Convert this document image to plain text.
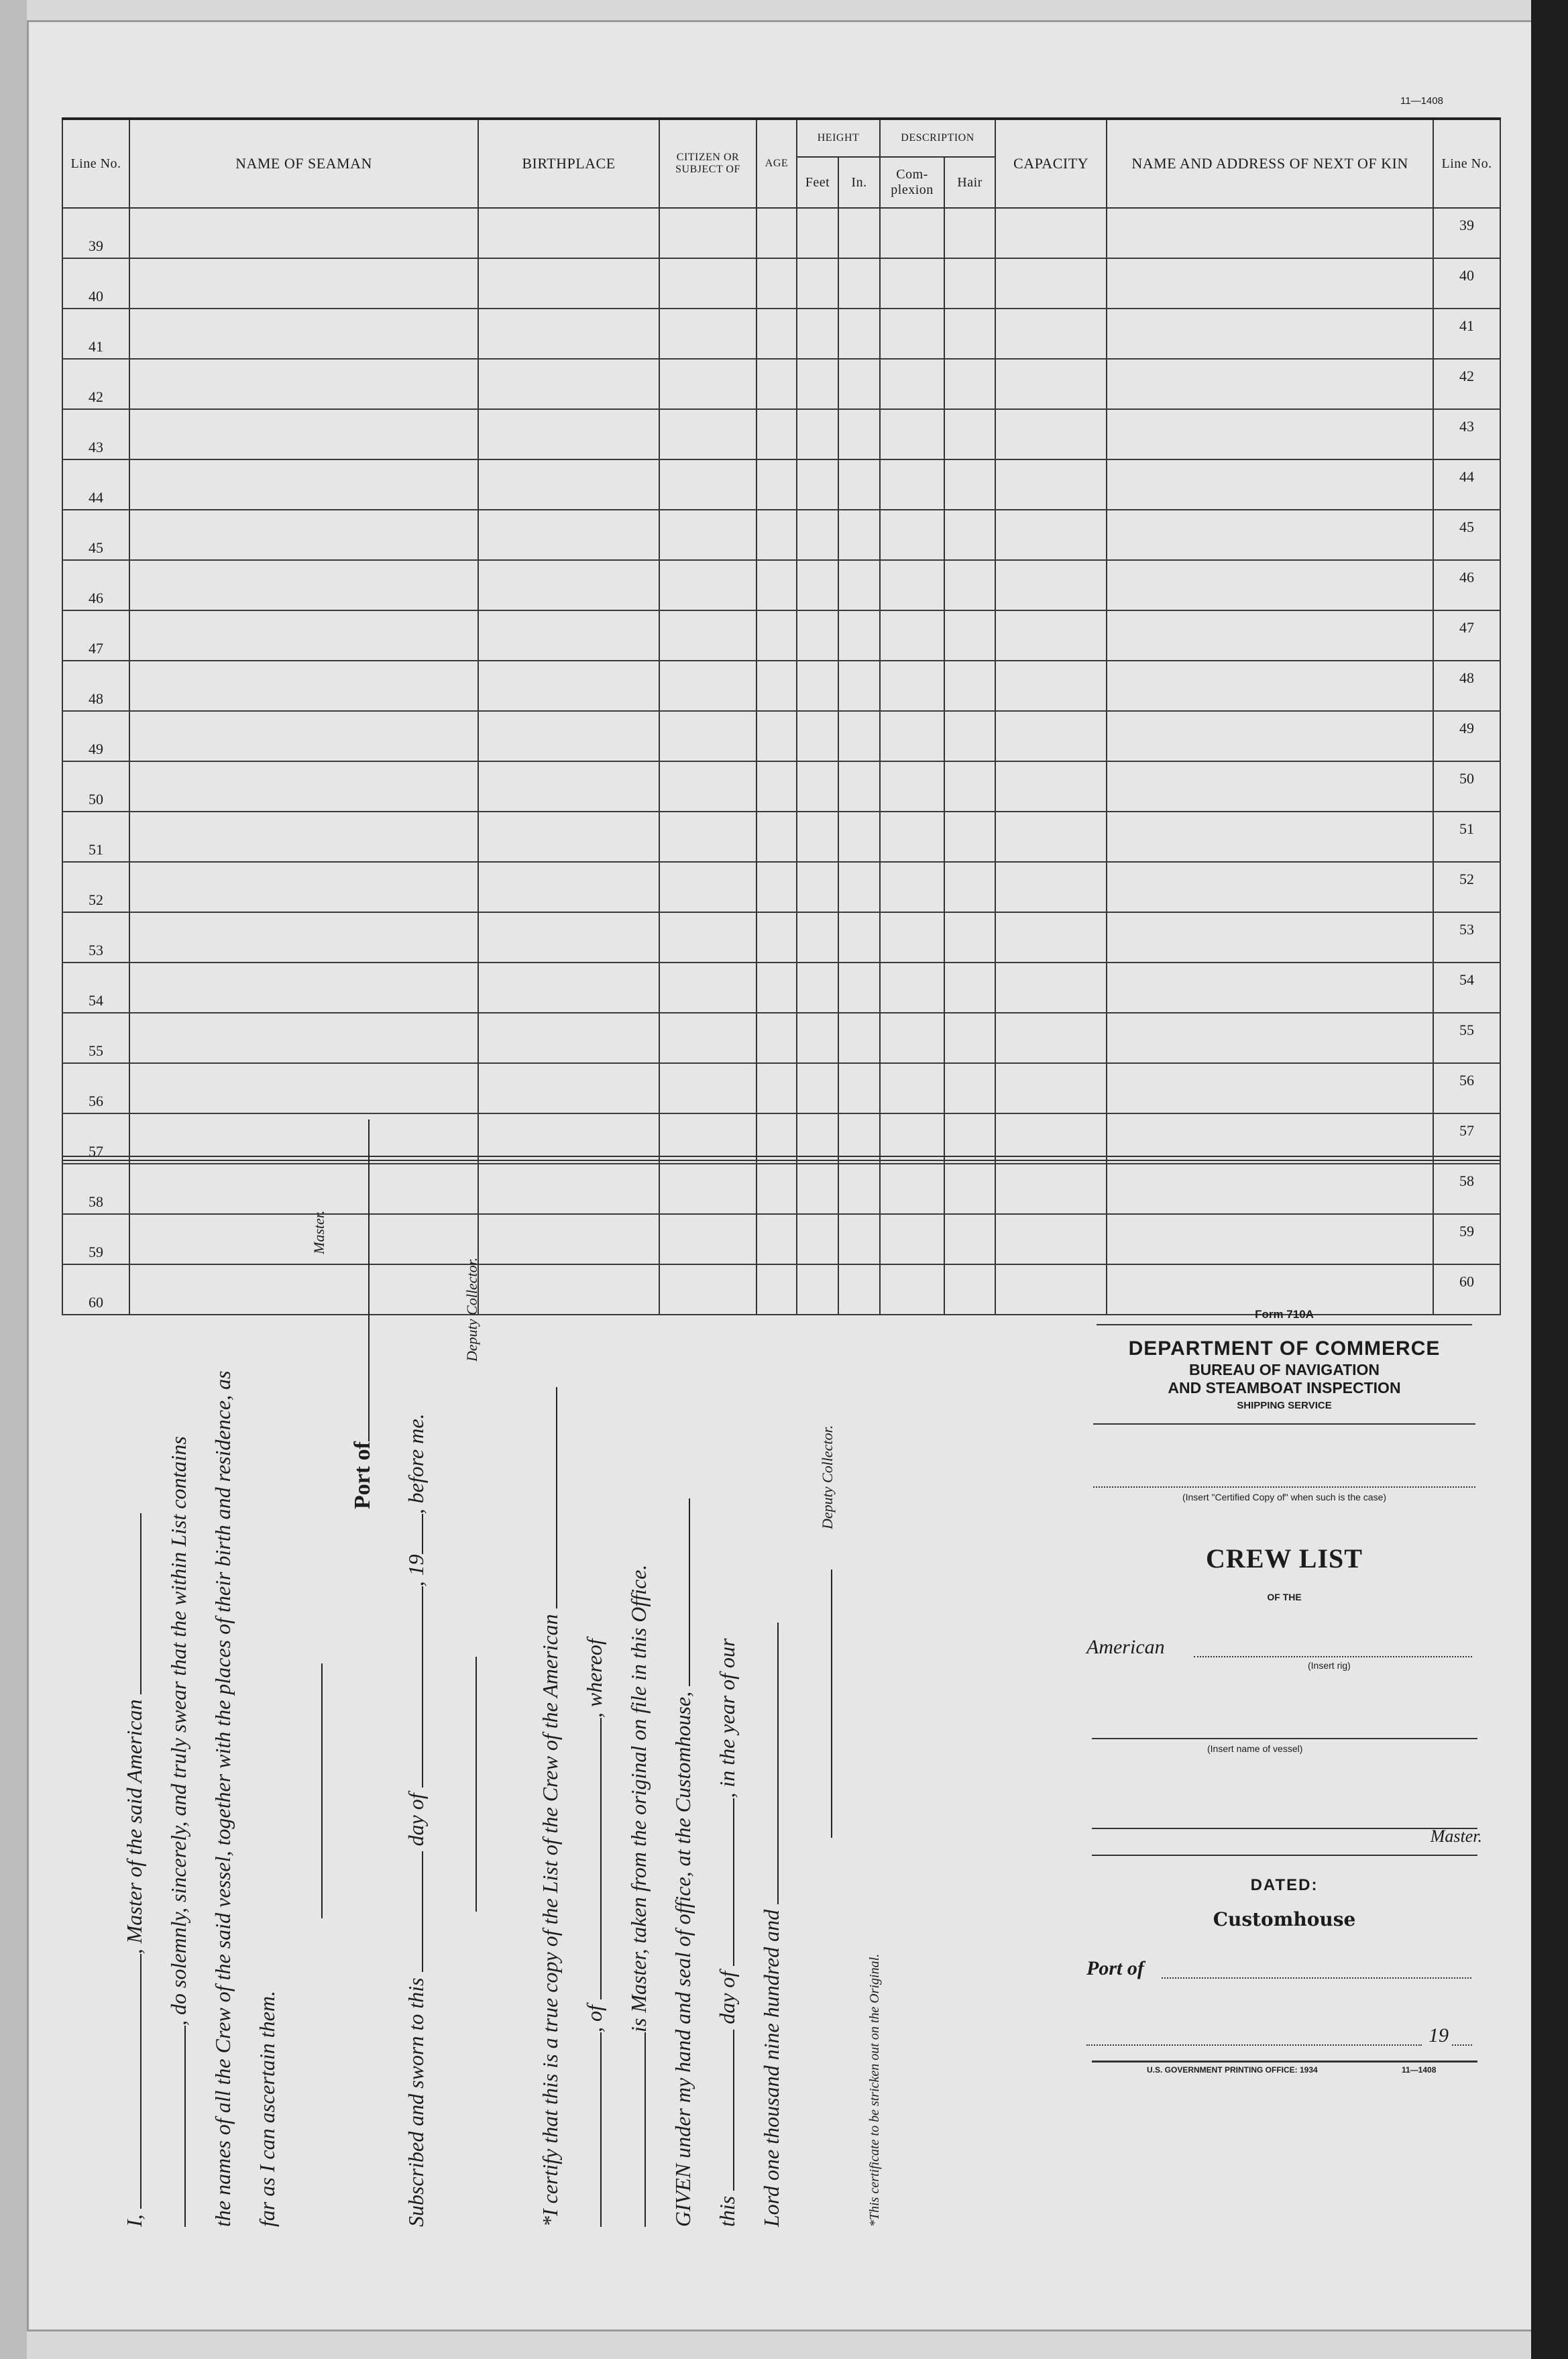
11—1408
Line No.	NAME OF SEAMAN	BIRTHPLACE	CITIZEN OR SUBJECT OF	AGE	HEIGHT		DESCRIPTION		CAPACITY	NAME AND ADDRESS OF NEXT OF KIN	Line No.
					Feet	In.	Com- plexion	Hair			
39											39
40											40
41											41
42											42
43											43
44											44
45											45
46											46
47											47
48											48
49											49
50											50
51											51
52											52
53											53
54											54
55											55
56											56
57											57
58											58
59											59
60											60
I, , Master of the said American , do solemnly, sincerely, and truly swear that the within List contains the names of all the Crew of the said vessel, together with the places of their birth and residence, as far as I can ascertain them.
Master.
Port of
Subscribed and sworn to this  day of , 19, before me.
Deputy Collector.
*I certify that this is a true copy of the List of the Crew of the American , of , whereof is Master, taken from the original on file in this Office. GIVEN under my hand and seal of office, at the Customhouse, this  day of , in the year of our
Lord one thousand nine hundred and
Deputy Collector.
*This certificate to be stricken out on the Original.
Form 710A
DEPARTMENT OF COMMERCE
BUREAU OF NAVIGATION
AND STEAMBOAT INSPECTION
SHIPPING SERVICE
(Insert "Certified Copy of" when such is the case)
CREW LIST
OF THE
American
(Insert rig)
(Insert name of vessel)
Master.
DATED:
Customhouse
Port of
19
U.S. GOVERNMENT PRINTING OFFICE: 1934	11—1408
